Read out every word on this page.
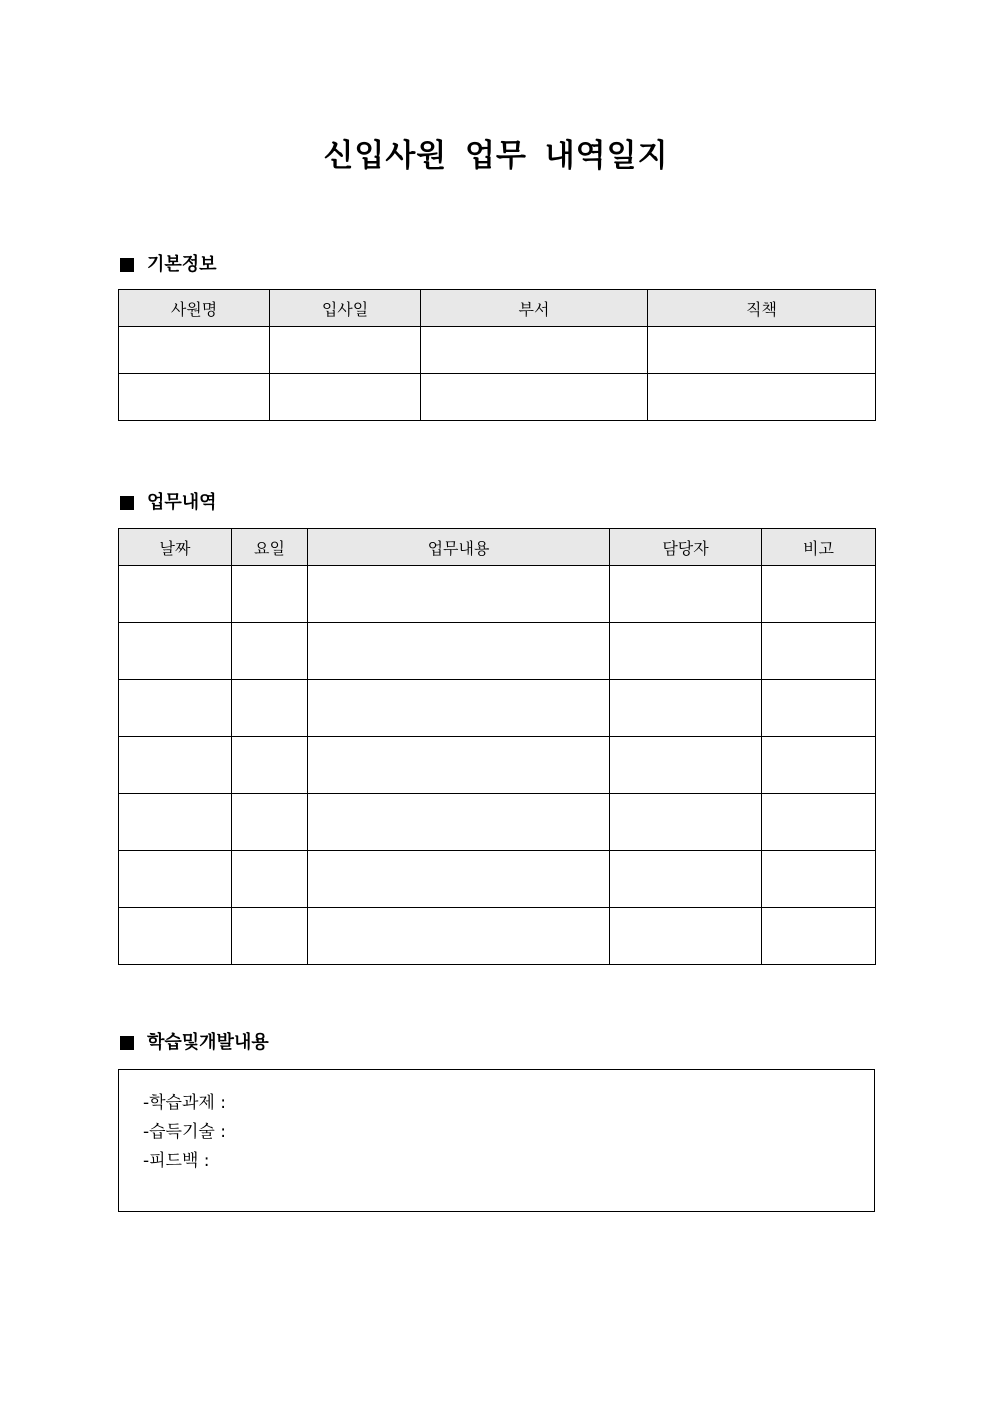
신입사원 업무 내역일지
기본정보
사원명	입사일	부서	직책

업무내역
날짜	요일	업무내용	담당자	비고

학습및개발내용
-학습과제 :
-습득기술 :
-피드백 :
